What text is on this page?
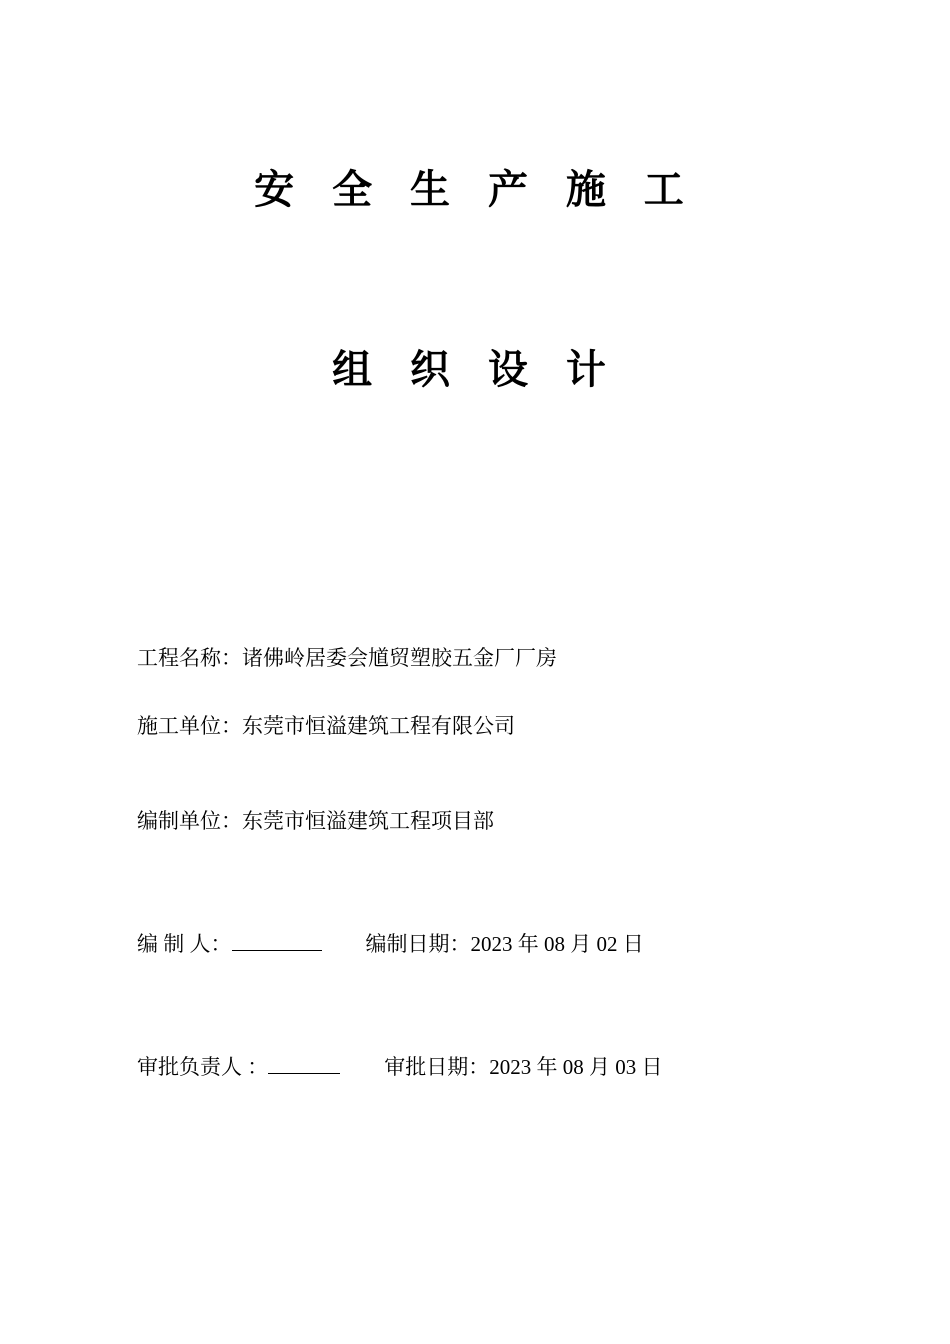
安 全 生 产 施 工
组 织 设 计
工程名称：诸佛岭居委会馗贸塑胶五金厂厂房
施工单位：东莞市恒溢建筑工程有限公司
编制单位：东莞市恒溢建筑工程项目部
编 制 人：	编制日期：2023 年 08 月 02 日
审批负责人 ：	审批日期：2023 年 08 月 03 日
